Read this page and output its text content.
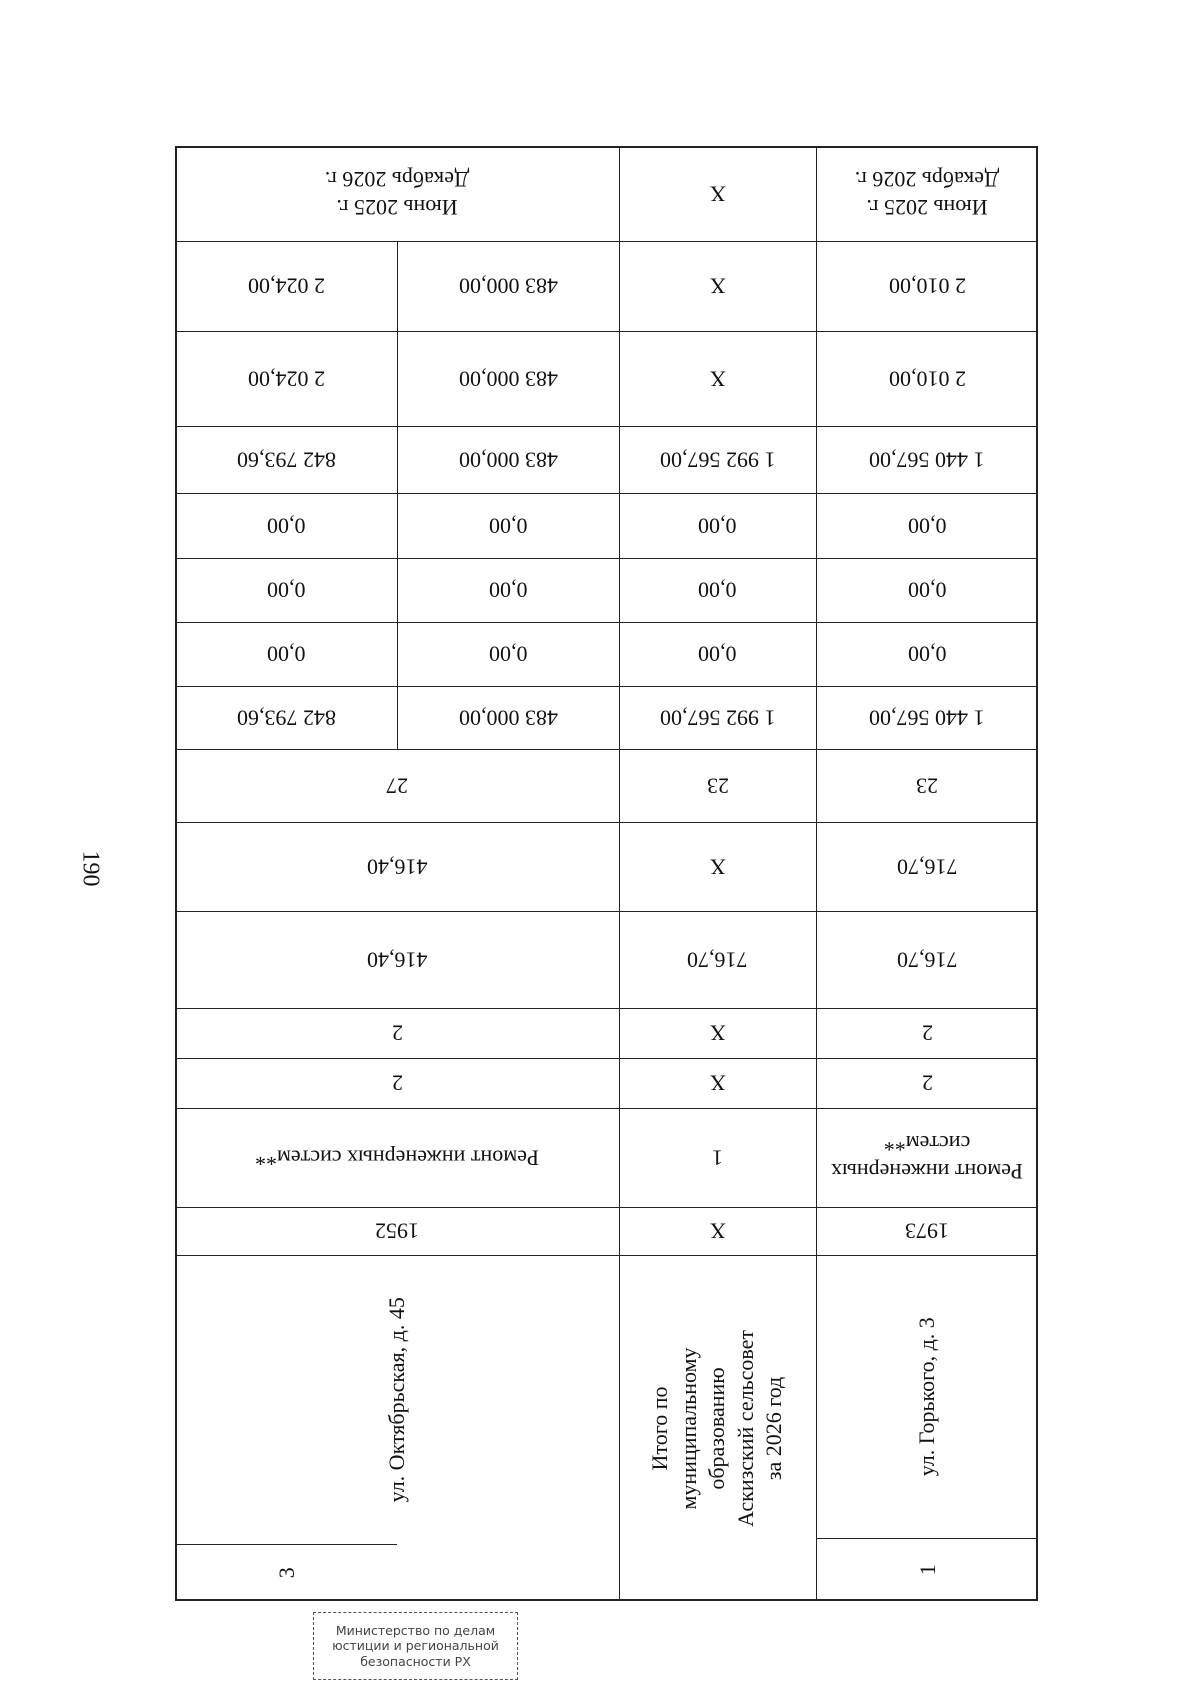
190
1
ул. Горького, д. 3
1973
Ремонт инженерных систем**
2
2
716,70
716,70
23
1 440 567,00
0,00
0,00
0,00
1 440 567,00
2 010,00
2 010,00
Июнь 2025 г. Декабрь 2026 г.
Итого по муниципальному образованию Аскизский сельсовет за 2026 год
Х
1
Х
Х
716,70
Х
23
1 992 567,00
0,00
0,00
0,00
1 992 567,00
Х
Х
Х
3
ул. Октябрьская, д. 45
1952
Ремонт инженерных систем**
2
2
416,40
416,40
27
483 000,00
842 793,60
0,00
0,00
0,00
0,00
0,00
0,00
483 000,00
842 793,60
483 000,00
2 024,00
483 000,00
2 024,00
Июнь 2025 г. Декабрь 2026 г.
Министерство по делам
юстиции и региональной
безопасности РХ
